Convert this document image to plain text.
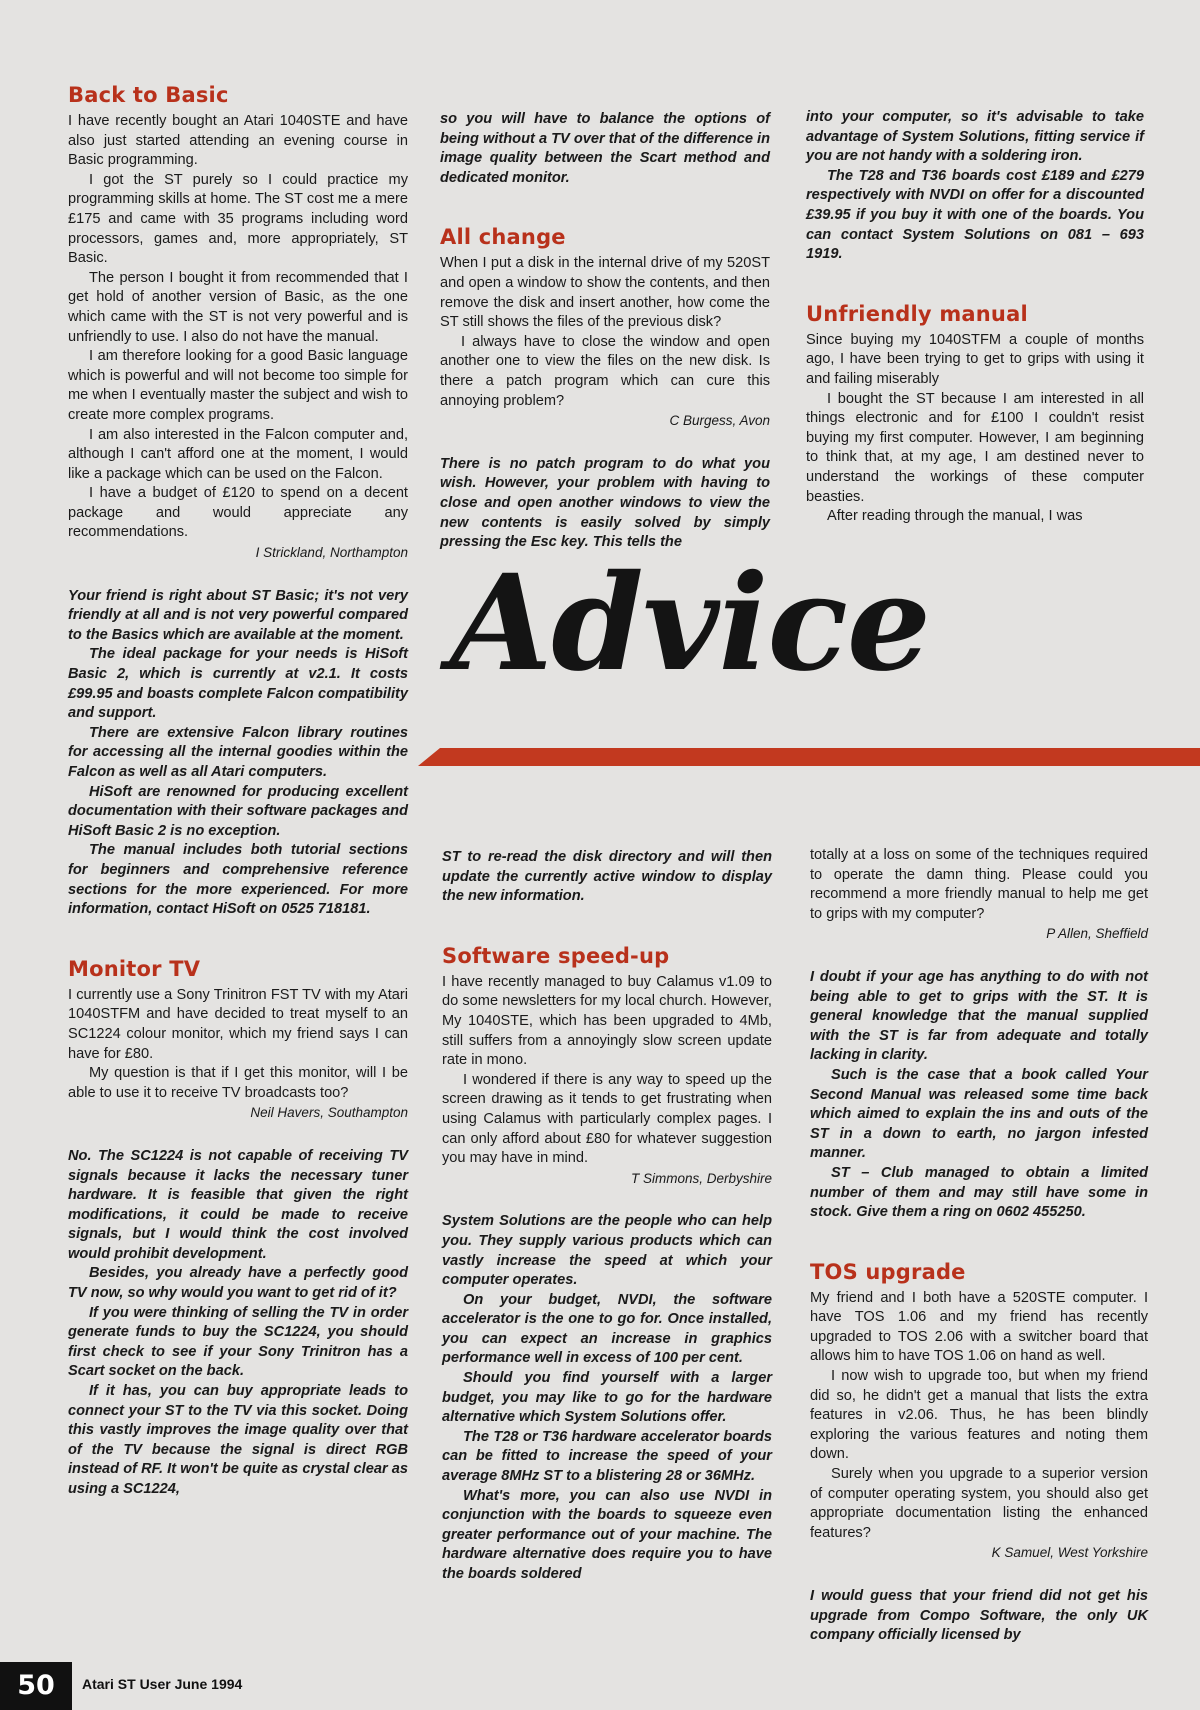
Back to Basic

I have recently bought an Atari 1040STE and have also just started attending an evening course in Basic programming.

I got the ST purely so I could practice my programming skills at home. The ST cost me a mere £175 and came with 35 programs including word processors, games and, more appropriately, ST Basic.

The person I bought it from recommended that I get hold of another version of Basic, as the one which came with the ST is not very powerful and is unfriendly to use. I also do not have the manual.

I am therefore looking for a good Basic language which is powerful and will not become too simple for me when I eventually master the subject and wish to create more complex programs.

I am also interested in the Falcon computer and, although I can't afford one at the moment, I would like a package which can be used on the Falcon.

I have a budget of £120 to spend on a decent package and would appreciate any recommendations.

I Strickland, Northampton

Your friend is right about ST Basic; it's not very friendly at all and is not very powerful compared to the Basics which are available at the moment.

The ideal package for your needs is HiSoft Basic 2, which is currently at v2.1. It costs £99.95 and boasts complete Falcon compatibility and support.

There are extensive Falcon library routines for accessing all the internal goodies within the Falcon as well as all Atari computers.

HiSoft are renowned for producing excellent documentation with their software packages and HiSoft Basic 2 is no exception.

The manual includes both tutorial sections for beginners and comprehensive reference sections for the more experienced. For more information, contact HiSoft on 0525 718181.

Monitor TV

I currently use a Sony Trinitron FST TV with my Atari 1040STFM and have decided to treat myself to an SC1224 colour monitor, which my friend says I can have for £80.

My question is that if I get this monitor, will I be able to use it to receive TV broadcasts too?

Neil Havers, Southampton

No. The SC1224 is not capable of receiving TV signals because it lacks the necessary tuner hardware. It is feasible that given the right modifications, it could be made to receive signals, but I would think the cost involved would prohibit development.

Besides, you already have a perfectly good TV now, so why would you want to get rid of it?

If you were thinking of selling the TV in order generate funds to buy the SC1224, you should first check to see if your Sony Trinitron has a Scart socket on the back.

If it has, you can buy appropriate leads to connect your ST to the TV via this socket. Doing this vastly improves the image quality over that of the TV because the signal is direct RGB instead of RF. It won't be quite as crystal clear as using a SC1224,

so you will have to balance the options of being without a TV over that of the difference in image quality between the Scart method and dedicated monitor.

All change

When I put a disk in the internal drive of my 520ST and open a window to show the contents, and then remove the disk and insert another, how come the ST still shows the files of the previous disk?

I always have to close the window and open another one to view the files on the new disk. Is there a patch program which can cure this annoying problem?

C Burgess, Avon

There is no patch program to do what you wish. However, your problem with having to close and open another windows to view the new contents is easily solved by simply pressing the Esc key. This tells the

into your computer, so it's advisable to take advantage of System Solutions, fitting service if you are not handy with a soldering iron.

The T28 and T36 boards cost £189 and £279 respectively with NVDI on offer for a discounted £39.95 if you buy it with one of the boards. You can contact System Solutions on 081 – 693 1919.

Unfriendly manual

Since buying my 1040STFM a couple of months ago, I have been trying to get to grips with using it and failing miserably

I bought the ST because I am interested in all things electronic and for £100 I couldn't resist buying my first computer. However, I am beginning to think that, at my age, I am destined never to understand the workings of these computer beasties.

After reading through the manual, I was

Advice

ST to re-read the disk directory and will then update the currently active window to display the new information.

Software speed-up

I have recently managed to buy Calamus v1.09 to do some newsletters for my local church. However, My 1040STE, which has been upgraded to 4Mb, still suffers from a annoyingly slow screen update rate in mono.

I wondered if there is any way to speed up the screen drawing as it tends to get frustrating when using Calamus with particularly complex pages. I can only afford about £80 for whatever suggestion you may have in mind.

T Simmons, Derbyshire

System Solutions are the people who can help you. They supply various products which can vastly increase the speed at which your computer operates.

On your budget, NVDI, the software accelerator is the one to go for. Once installed, you can expect an increase in graphics performance well in excess of 100 per cent.

Should you find yourself with a larger budget, you may like to go for the hardware alternative which System Solutions offer.

The T28 or T36 hardware accelerator boards can be fitted to increase the speed of your average 8MHz ST to a blistering 28 or 36MHz.

What's more, you can also use NVDI in conjunction with the boards to squeeze even greater performance out of your machine. The hardware alternative does require you to have the boards soldered

totally at a loss on some of the techniques required to operate the damn thing. Please could you recommend a more friendly manual to help me get to grips with my computer?

P Allen, Sheffield

I doubt if your age has anything to do with not being able to get to grips with the ST. It is general knowledge that the manual supplied with the ST is far from adequate and totally lacking in clarity.

Such is the case that a book called Your Second Manual was released some time back which aimed to explain the ins and outs of the ST in a down to earth, no jargon infested manner.

ST – Club managed to obtain a limited number of them and may still have some in stock. Give them a ring on 0602 455250.

TOS upgrade

My friend and I both have a 520STE computer. I have TOS 1.06 and my friend has recently upgraded to TOS 2.06 with a switcher board that allows him to have TOS 1.06 on hand as well.

I now wish to upgrade too, but when my friend did so, he didn't get a manual that lists the extra features in v2.06. Thus, he has been blindly exploring the various features and noting them down.

Surely when you upgrade to a superior version of computer operating system, you should also get appropriate documentation listing the enhanced features?

K Samuel, West Yorkshire

I would guess that your friend did not get his upgrade from Compo Software, the only UK company officially licensed by

50	Atari ST User June 1994
